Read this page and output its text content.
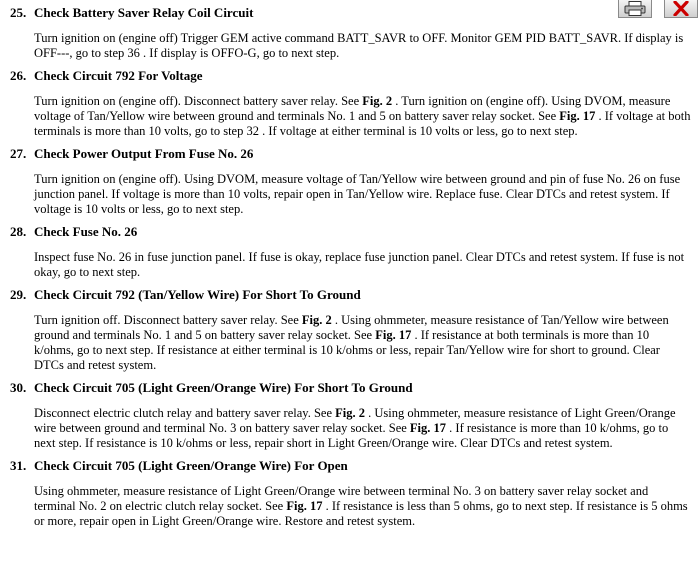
25. Check Battery Saver Relay Coil Circuit
Turn ignition on (engine off) Trigger GEM active command BATT_SAVR to OFF. Monitor GEM PID BATT_SAVR. If display is OFF---, go to step 36 . If display is OFFO-G, go to next step.
26. Check Circuit 792 For Voltage
Turn ignition on (engine off). Disconnect battery saver relay. See Fig. 2 . Turn ignition on (engine off). Using DVOM, measure voltage of Tan/Yellow wire between ground and terminals No. 1 and 5 on battery saver relay socket. See Fig. 17 . If voltage at both terminals is more than 10 volts, go to step 32 . If voltage at either terminal is 10 volts or less, go to next step.
27. Check Power Output From Fuse No. 26
Turn ignition on (engine off). Using DVOM, measure voltage of Tan/Yellow wire between ground and pin of fuse No. 26 on fuse junction panel. If voltage is more than 10 volts, repair open in Tan/Yellow wire. Replace fuse. Clear DTCs and retest system. If voltage is 10 volts or less, go to next step.
28. Check Fuse No. 26
Inspect fuse No. 26 in fuse junction panel. If fuse is okay, replace fuse junction panel. Clear DTCs and retest system. If fuse is not okay, go to next step.
29. Check Circuit 792 (Tan/Yellow Wire) For Short To Ground
Turn ignition off. Disconnect battery saver relay. See Fig. 2 . Using ohmmeter, measure resistance of Tan/Yellow wire between ground and terminals No. 1 and 5 on battery saver relay socket. See Fig. 17 . If resistance at both terminals is more than 10 k/ohms, go to next step. If resistance at either terminal is 10 k/ohms or less, repair Tan/Yellow wire for short to ground. Clear DTCs and retest system.
30. Check Circuit 705 (Light Green/Orange Wire) For Short To Ground
Disconnect electric clutch relay and battery saver relay. See Fig. 2 . Using ohmmeter, measure resistance of Light Green/Orange wire between ground and terminal No. 3 on battery saver relay socket. See Fig. 17 . If resistance is more than 10 k/ohms, go to next step. If resistance is 10 k/ohms or less, repair short in Light Green/Orange wire. Clear DTCs and retest system.
31. Check Circuit 705 (Light Green/Orange Wire) For Open
Using ohmmeter, measure resistance of Light Green/Orange wire between terminal No. 3 on battery saver relay socket and terminal No. 2 on electric clutch relay socket. See Fig. 17 . If resistance is less than 5 ohms, go to next step. If resistance is 5 ohms or more, repair open in Light Green/Orange wire. Restore and retest system.
